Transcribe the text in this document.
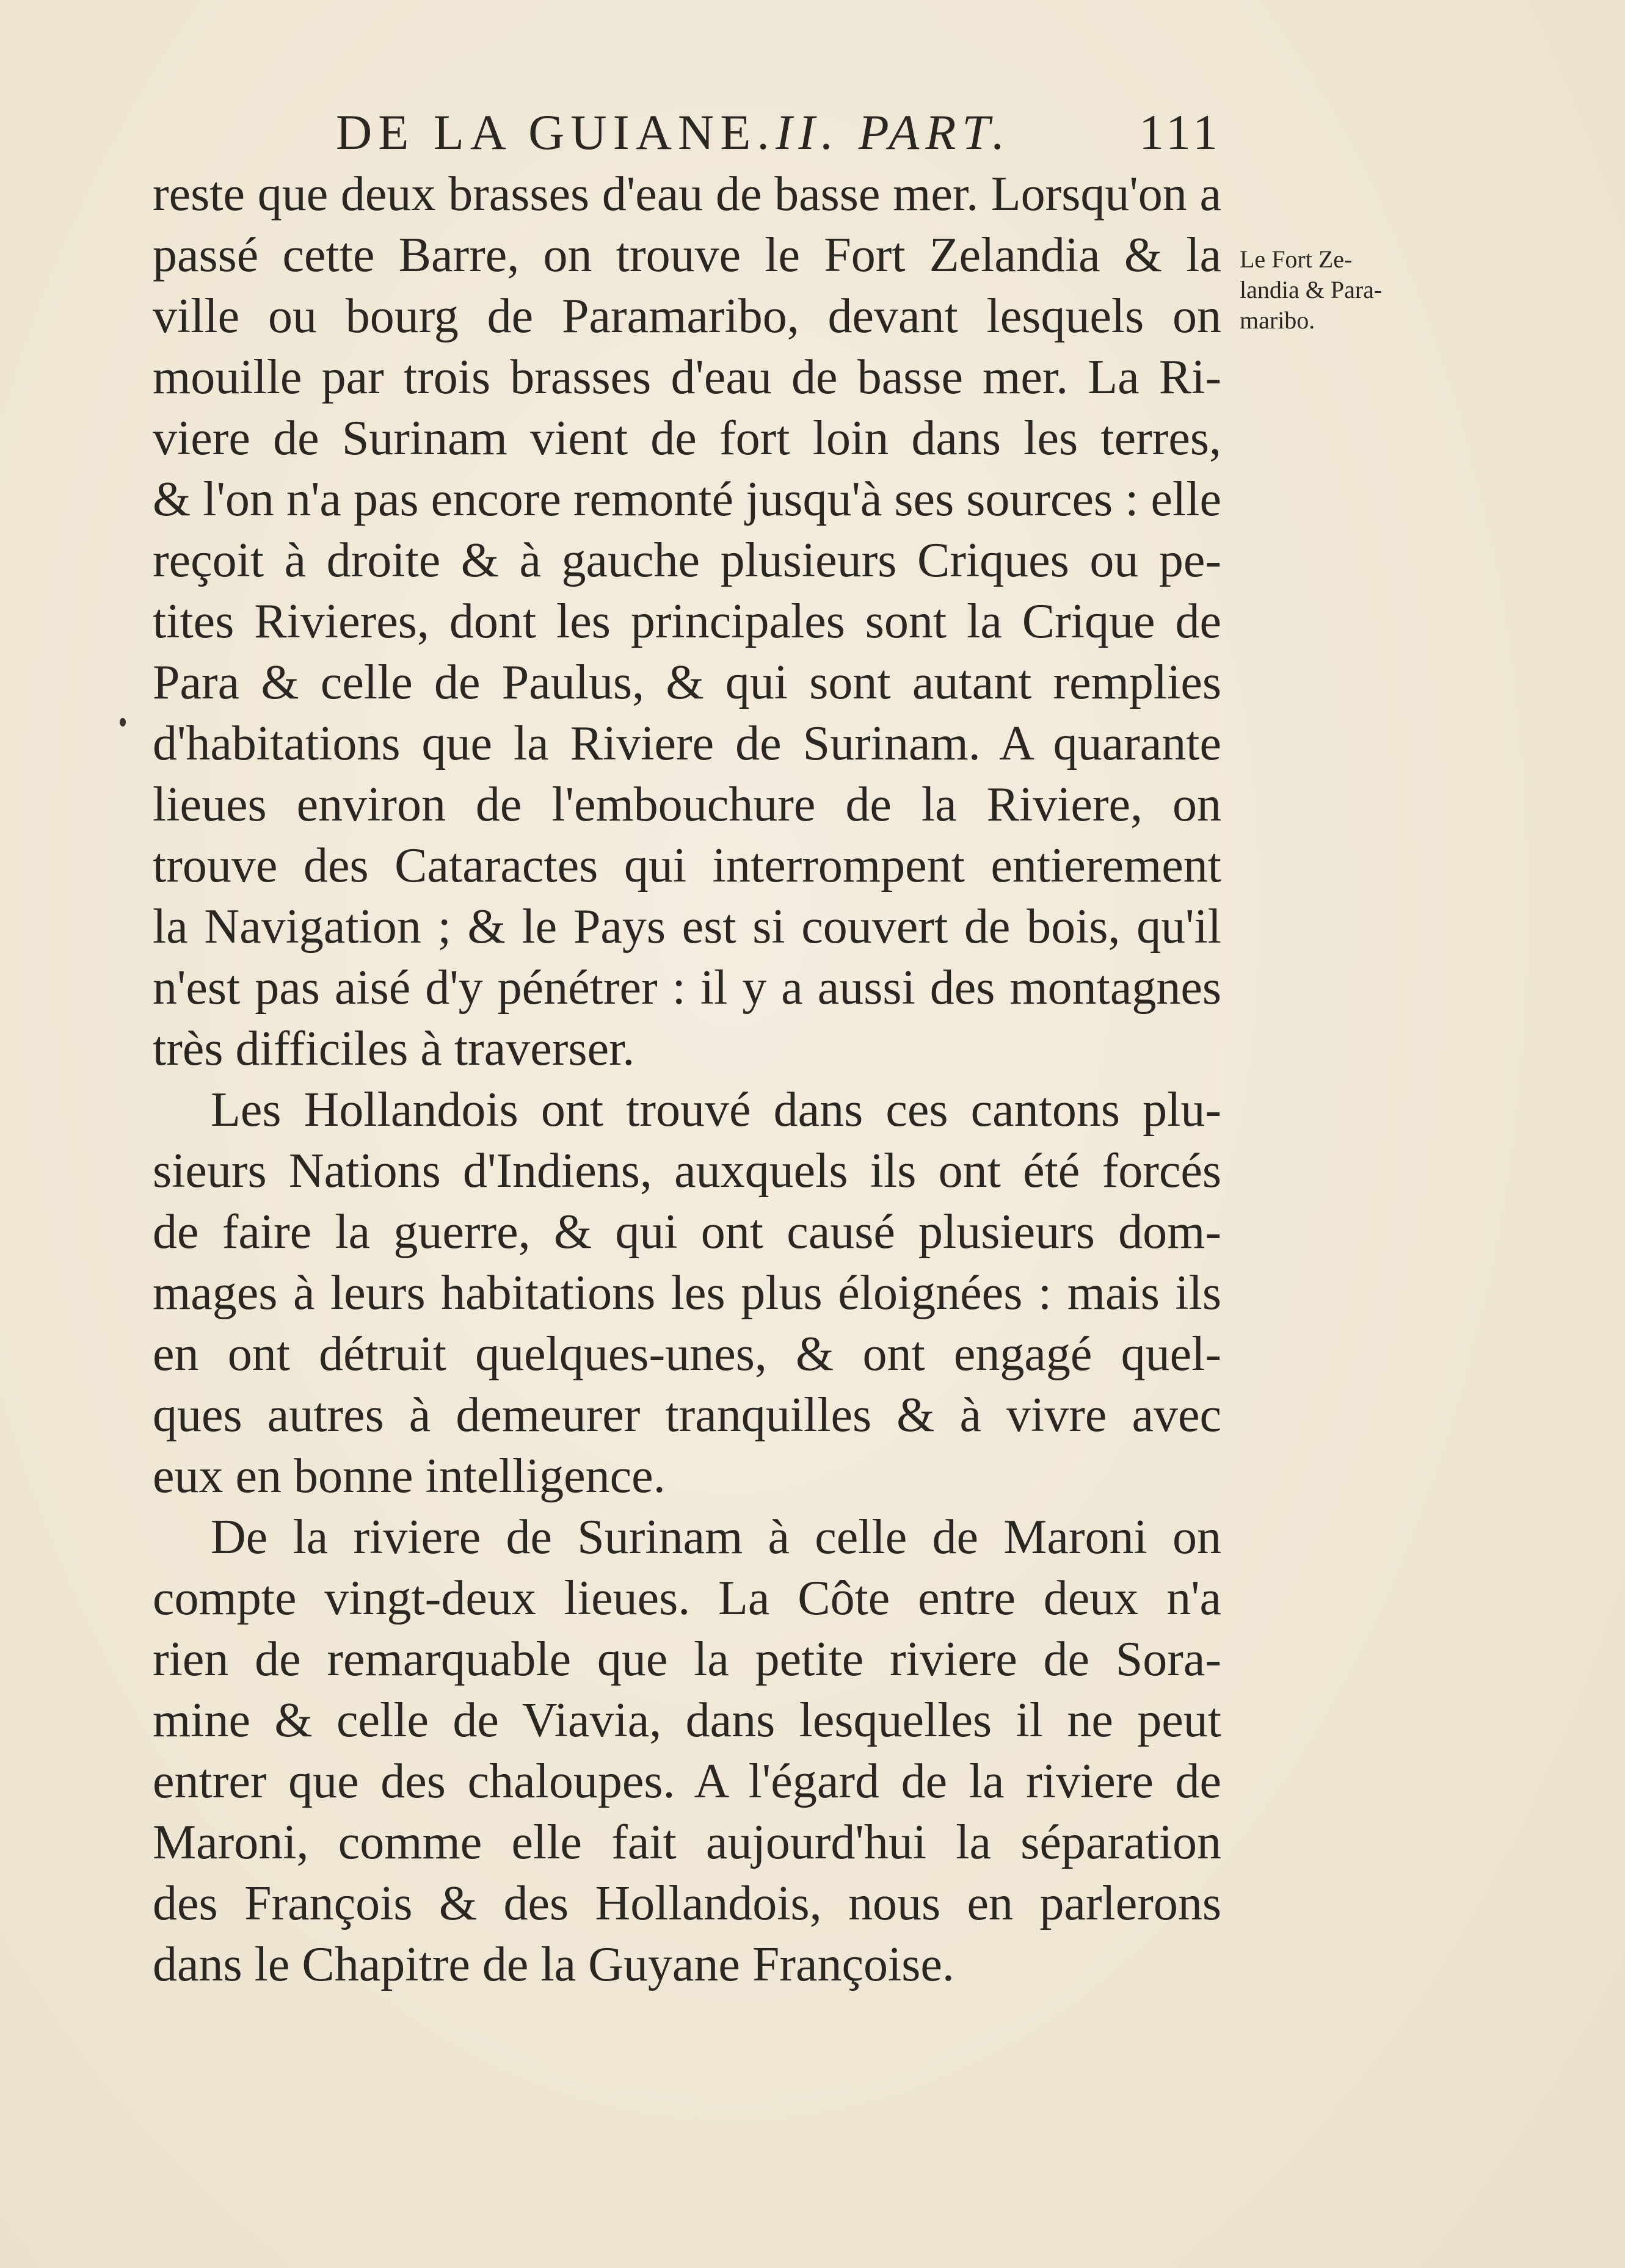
DE LA GUIANE. II. PART.	111
Le Fort Ze-
landia & Para-
maribo.
reste que deux brasses d'eau de basse mer. Lorsqu'on a
passé cette Barre, on trouve le Fort Zelandia & la
ville ou bourg de Paramaribo, devant lesquels on
mouille par trois brasses d'eau de basse mer. La Ri-
viere de Surinam vient de fort loin dans les terres,
& l'on n'a pas encore remonté jusqu'à ses sources : elle
reçoit à droite & à gauche plusieurs Criques ou pe-
tites Rivieres, dont les principales sont la Crique de
Para & celle de Paulus, & qui sont autant remplies
d'habitations que la Riviere de Surinam. A quarante
lieues environ de l'embouchure de la Riviere, on
trouve des Cataractes qui interrompent entierement
la Navigation ; & le Pays est si couvert de bois, qu'il
n'est pas aisé d'y pénétrer : il y a aussi des montagnes
très difficiles à traverser.
Les Hollandois ont trouvé dans ces cantons plu-
sieurs Nations d'Indiens, auxquels ils ont été forcés
de faire la guerre, & qui ont causé plusieurs dom-
mages à leurs habitations les plus éloignées : mais ils
en ont détruit quelques-unes, & ont engagé quel-
ques autres à demeurer tranquilles & à vivre avec
eux en bonne intelligence.
De la riviere de Surinam à celle de Maroni on
compte vingt-deux lieues. La Côte entre deux n'a
rien de remarquable que la petite riviere de Sora-
mine & celle de Viavia, dans lesquelles il ne peut
entrer que des chaloupes. A l'égard de la riviere de
Maroni, comme elle fait aujourd'hui la séparation
des François & des Hollandois, nous en parlerons
dans le Chapitre de la Guyane Françoise.
